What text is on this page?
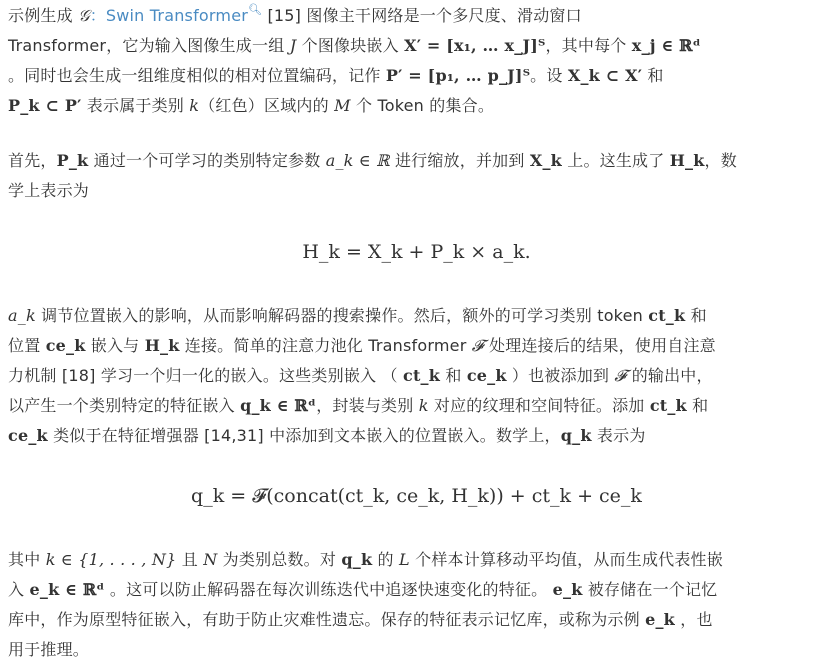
示例生成 𝒢：Swin Transformer🔍︎ [15] 图像主干网络是一个多尺度、滑动窗口
Transformer，它为输入图像生成一组 J 个图像块嵌入 X′ = [x₁, … x_J]ᵀ，其中每个 x_j ∈ ℝᵈ
。同时也会生成一组维度相似的相对位置编码，记作 P′ = [p₁, … p_J]ᵀ。设 X_k ⊂ X′ 和
P_k ⊂ P′ 表示属于类别 k（红色）区域内的 M 个 Token 的集合。
首先，P_k 通过一个可学习的类别特定参数 a_k ∈ ℝ 进行缩放，并加到 X_k 上。这生成了 H_k，数
学上表示为
H_k = X_k + P_k × a_k.
a_k 调节位置嵌入的影响，从而影响解码器的搜索操作。然后，额外的可学习类别 token ct_k 和
位置 ce_k 嵌入与 H_k 连接。简单的注意力池化 Transformer 𝓕 处理连接后的结果，使用自注意
力机制 [18] 学习一个归一化的嵌入。这些类别嵌入 （ ct_k 和 ce_k ）也被添加到 𝓕 的输出中，
以产生一个类别特定的特征嵌入 q_k ∈ ℝᵈ，封装与类别 k 对应的纹理和空间特征。添加 ct_k 和
ce_k 类似于在特征增强器 [14,31] 中添加到文本嵌入的位置嵌入。数学上，q_k 表示为
q_k = 𝓕(concat(ct_k, ce_k, H_k)) + ct_k + ce_k
其中 k ∈ {1, . . . , N} 且 N 为类别总数。对 q_k 的 L 个样本计算移动平均值，从而生成代表性嵌
入 e_k ∈ ℝᵈ 。这可以防止解码器在每次训练迭代中追逐快速变化的特征。 e_k 被存储在一个记忆
库中，作为原型特征嵌入，有助于防止灾难性遗忘。保存的特征表示记忆库，或称为示例 e_k ，也
用于推理。
